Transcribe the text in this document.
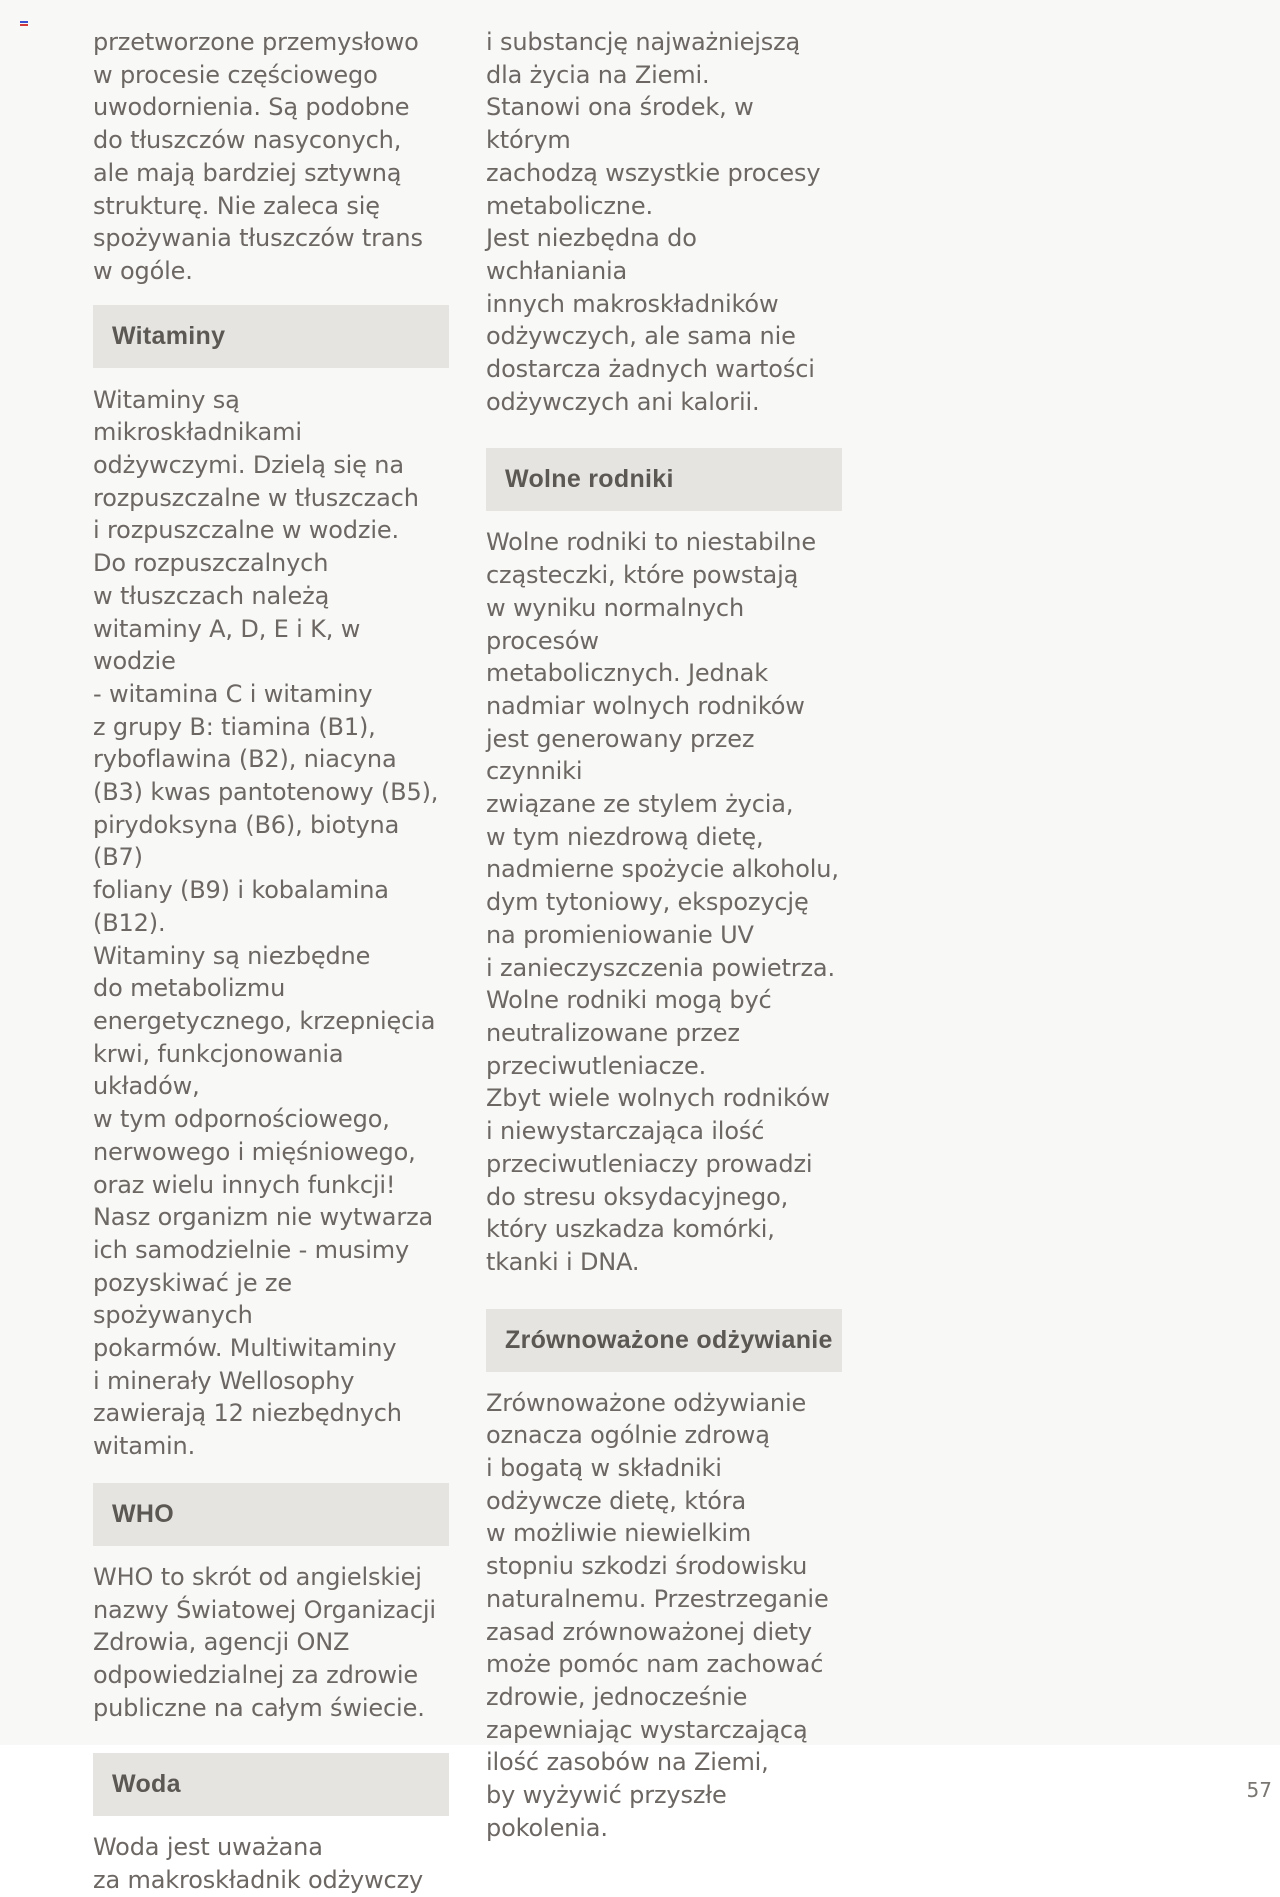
przetworzone przemysłowo
w procesie częściowego
uwodornienia. Są podobne
do tłuszczów nasyconych,
ale mają bardziej sztywną
strukturę. Nie zaleca się
spożywania tłuszczów trans
w ogóle.

Witaminy

Witaminy są mikroskładnikami
odżywczymi. Dzielą się na
rozpuszczalne w tłuszczach
i rozpuszczalne w wodzie.
Do rozpuszczalnych
w tłuszczach należą
witaminy A, D, E i K, w wodzie
- witamina C i witaminy
z grupy B: tiamina (B1),
ryboflawina (B2), niacyna
(B3) kwas pantotenowy (B5),
pirydoksyna (B6), biotyna (B7)
foliany (B9) i kobalamina (B12).
Witaminy są niezbędne
do metabolizmu
energetycznego, krzepnięcia
krwi, funkcjonowania układów,
w tym odpornościowego,
nerwowego i mięśniowego,
oraz wielu innych funkcji!
Nasz organizm nie wytwarza
ich samodzielnie - musimy
pozyskiwać je ze spożywanych
pokarmów. Multiwitaminy
i minerały Wellosophy
zawierają 12 niezbędnych
witamin.

WHO

WHO to skrót od angielskiej
nazwy Światowej Organizacji
Zdrowia, agencji ONZ
odpowiedzialnej za zdrowie
publiczne na całym świecie.

Woda

Woda jest uważana
za makroskładnik odżywczy

i substancję najważniejszą
dla życia na Ziemi.
Stanowi ona środek, w którym
zachodzą wszystkie procesy
metaboliczne.
Jest niezbędna do wchłaniania
innych makroskładników
odżywczych, ale sama nie
dostarcza żadnych wartości
odżywczych ani kalorii.

Wolne rodniki

Wolne rodniki to niestabilne
cząsteczki, które powstają
w wyniku normalnych procesów
metabolicznych. Jednak
nadmiar wolnych rodników
jest generowany przez czynniki
związane ze stylem życia,
w tym niezdrową dietę,
nadmierne spożycie alkoholu,
dym tytoniowy, ekspozycję
na promieniowanie UV
i zanieczyszczenia powietrza.
Wolne rodniki mogą być
neutralizowane przez
przeciwutleniacze.
Zbyt wiele wolnych rodników
i niewystarczająca ilość
przeciwutleniaczy prowadzi
do stresu oksydacyjnego,
który uszkadza komórki,
tkanki i DNA.

Zrównoważone odżywianie

Zrównoważone odżywianie
oznacza ogólnie zdrową
i bogatą w składniki
odżywcze dietę, która
w możliwie niewielkim
stopniu szkodzi środowisku
naturalnemu. Przestrzeganie
zasad zrównoważonej diety
może pomóc nam zachować
zdrowie, jednocześnie
zapewniając wystarczającą
ilość zasobów na Ziemi,
by wyżywić przyszłe pokolenia.

57
